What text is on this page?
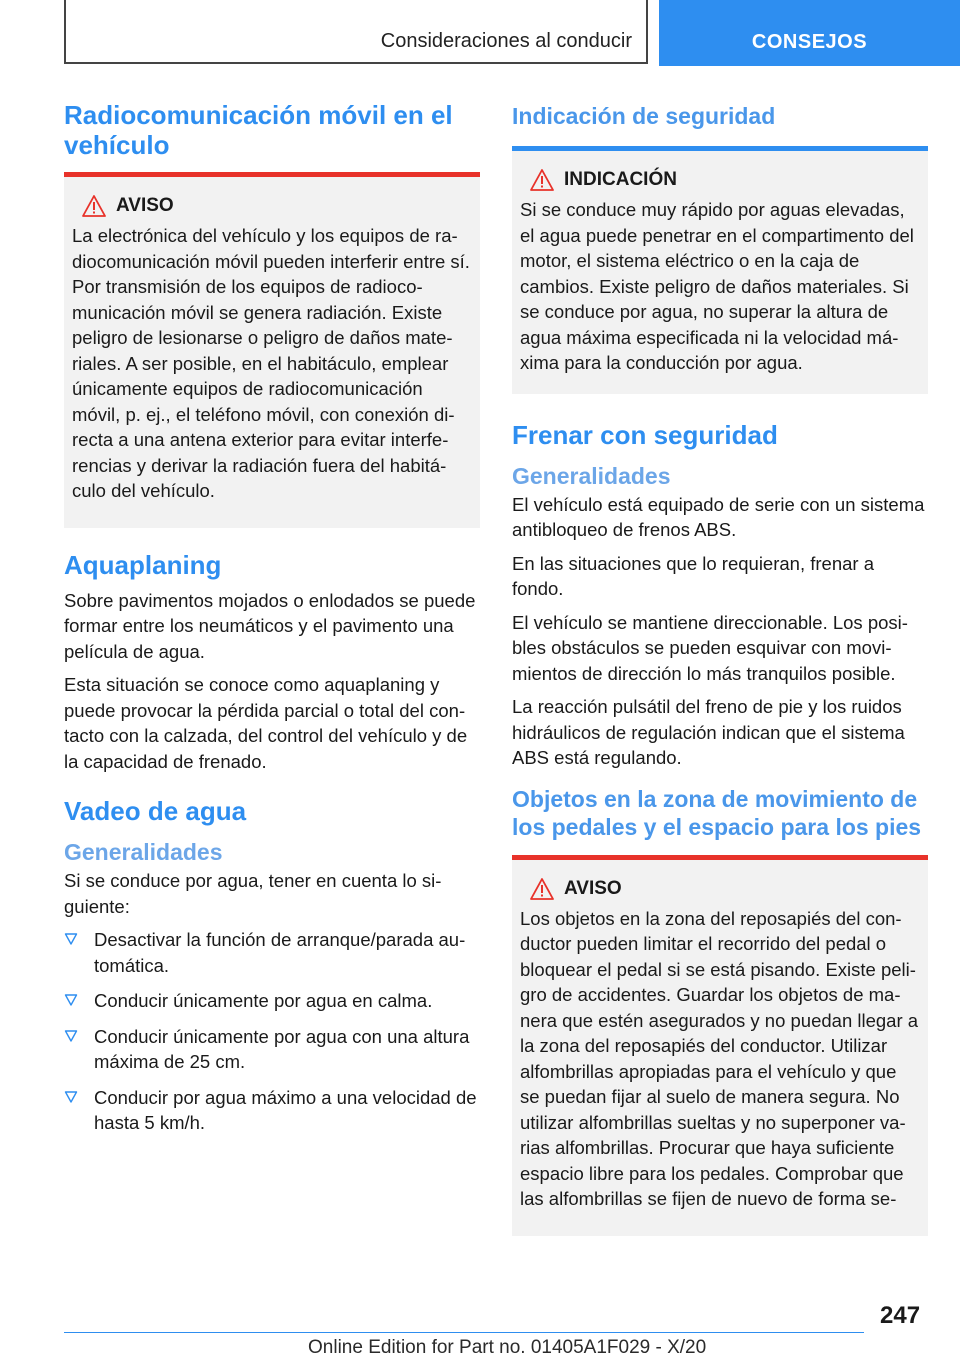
Consideraciones al conducir	CONSEJOS
Radiocomunicación móvil en el vehículo
AVISO

La electrónica del vehículo y los equipos de radiocomunicación móvil pueden interferir entre sí. Por transmisión de los equipos de radiocomunicación móvil se genera radiación. Existe peligro de lesionarse o peligro de daños materiales. A ser posible, en el habitáculo, emplear únicamente equipos de radiocomunicación móvil, p. ej., el teléfono móvil, con conexión directa a una antena exterior para evitar interferencias y derivar la radiación fuera del habitáculo del vehículo.

Aquaplaning

Sobre pavimentos mojados o enlodados se puede formar entre los neumáticos y el pavimento una película de agua.

Esta situación se conoce como aquaplaning y puede provocar la pérdida parcial o total del contacto con la calzada, del control del vehículo y de la capacidad de frenado.

Vadeo de agua
Generalidades

Si se conduce por agua, tener en cuenta lo siguiente:

Desactivar la función de arranque/parada automática.
Conducir únicamente por agua en calma.
Conducir únicamente por agua con una altura máxima de 25 cm.
Conducir por agua máximo a una velocidad de hasta 5 km/h.
Indicación de seguridad
INDICACIÓN

Si se conduce muy rápido por aguas elevadas, el agua puede penetrar en el compartimento del motor, el sistema eléctrico o en la caja de cambios. Existe peligro de daños materiales. Si se conduce por agua, no superar la altura de agua máxima especificada ni la velocidad máxima para la conducción por agua.

Frenar con seguridad
Generalidades

El vehículo está equipado de serie con un sistema antibloqueo de frenos ABS.

En las situaciones que lo requieran, frenar a fondo.

El vehículo se mantiene direccionable. Los posibles obstáculos se pueden esquivar con movimientos de dirección lo más tranquilos posible.

La reacción pulsátil del freno de pie y los ruidos hidráulicos de regulación indican que el sistema ABS está regulando.

Objetos en la zona de movimiento de los pedales y el espacio para los pies
AVISO

Los objetos en la zona del reposapiés del conductor pueden limitar el recorrido del pedal o bloquear el pedal si se está pisando. Existe peligro de accidentes. Guardar los objetos de manera que estén asegurados y no puedan llegar a la zona del reposapiés del conductor. Utilizar alfombrillas apropiadas para el vehículo y que se puedan fijar al suelo de manera segura. No utilizar alfombrillas sueltas y no superponer varias alfombrillas. Procurar que haya suficiente espacio libre para los pedales. Comprobar que las alfombrillas se fijen de nuevo de forma se-

247
Online Edition for Part no. 01405A1F029 - X/20
